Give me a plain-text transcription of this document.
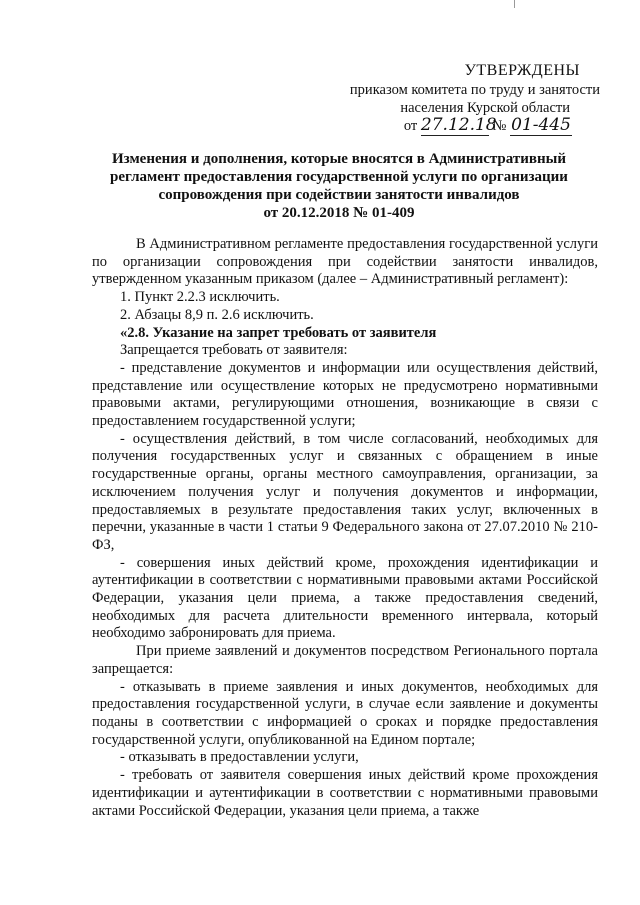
УТВЕРЖДЕНЫ
приказом комитета по труду и занятости
населения Курской области
от 27.12.18 № 01-445
Изменения и дополнения, которые вносятся в Административный
регламент предоставления государственной услуги по организации
сопровождения при содействии занятости инвалидов
от 20.12.2018 № 01-409

В Административном регламенте предоставления государственной услуги по организации сопровождения при содействии занятости инвалидов, утвержденном указанным приказом (далее – Административный регламент):

1. Пункт 2.2.3 исключить.

2. Абзацы 8,9 п. 2.6 исключить.

«2.8. Указание на запрет требовать от заявителя

Запрещается требовать от заявителя:

- представление документов и информации или осуществления действий, представление или осуществление которых не предусмотрено нормативными правовыми актами, регулирующими отношения, возникающие в связи с предоставлением государственной услуги;

- осуществления действий, в том числе согласований, необходимых для получения государственных услуг и связанных с обращением в иные государственные органы, органы местного самоуправления, организации, за исключением получения услуг и получения документов и информации, предоставляемых в результате предоставления таких услуг, включенных в перечни, указанные в части 1 статьи 9 Федерального закона от 27.07.2010 № 210-ФЗ,

- совершения иных действий кроме, прохождения идентификации и аутентификации в соответствии с нормативными правовыми актами Российской Федерации, указания цели приема, а также предоставления сведений, необходимых для расчета длительности временного интервала, который необходимо забронировать для приема.

При приеме заявлений и документов посредством Регионального портала запрещается:

- отказывать в приеме заявления и иных документов, необходимых для предоставления государственной услуги, в случае если заявление и документы поданы в соответствии с информацией о сроках и порядке предоставления государственной услуги, опубликованной на Едином портале;

- отказывать в предоставлении услуги,

- требовать от заявителя совершения иных действий кроме прохождения идентификации и аутентификации в соответствии с нормативными правовыми актами Российской Федерации, указания цели приема, а также
